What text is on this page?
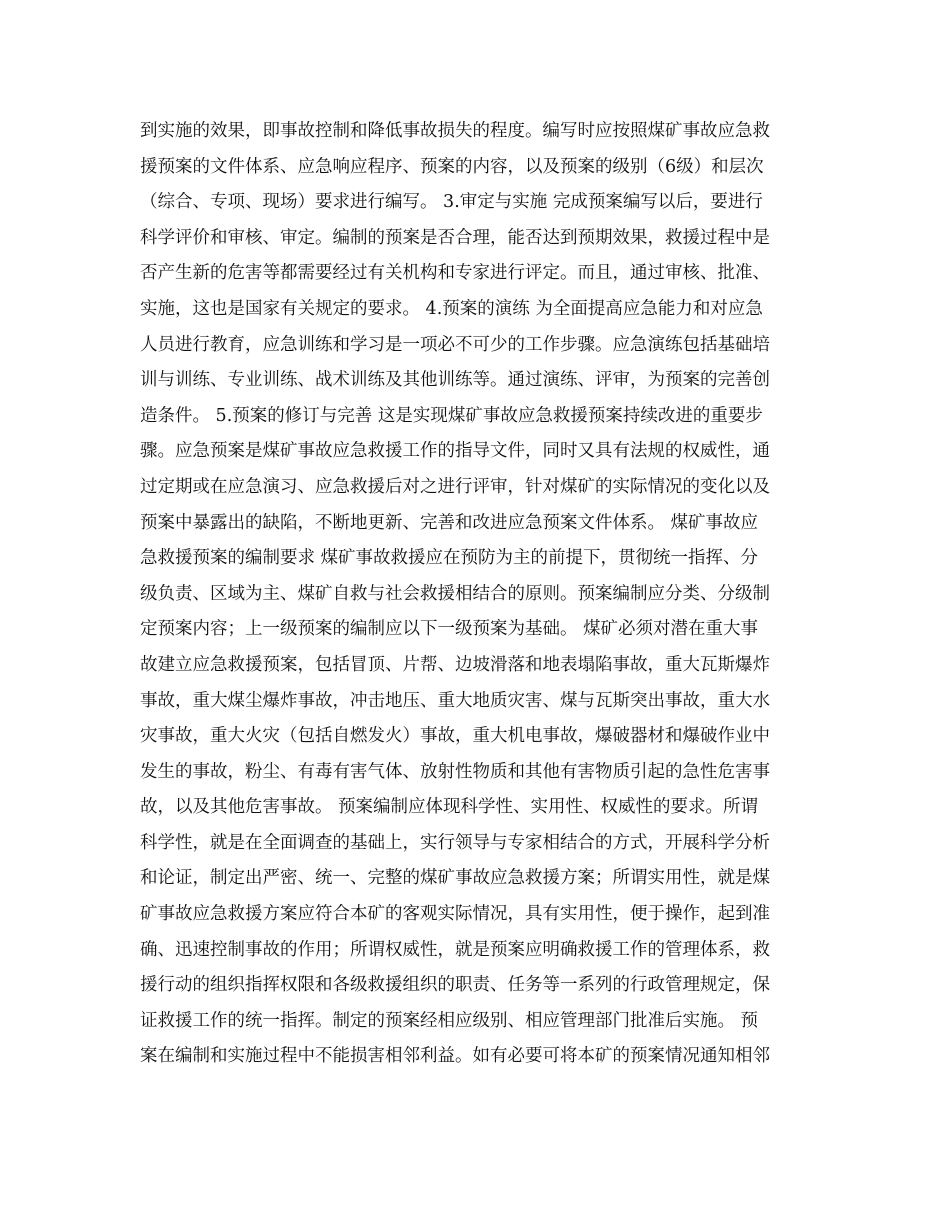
到实施的效果，即事故控制和降低事故损失的程度。编写时应按照煤矿事故应急救
援预案的文件体系、应急响应程序、预案的内容，以及预案的级别（6级）和层次
（综合、专项、现场）要求进行编写。 3.审定与实施 完成预案编写以后，要进行
科学评价和审核、审定。编制的预案是否合理，能否达到预期效果，救援过程中是
否产生新的危害等都需要经过有关机构和专家进行评定。而且，通过审核、批准、
实施，这也是国家有关规定的要求。 4.预案的演练 为全面提高应急能力和对应急
人员进行教育，应急训练和学习是一项必不可少的工作步骤。应急演练包括基础培
训与训练、专业训练、战术训练及其他训练等。通过演练、评审，为预案的完善创
造条件。 5.预案的修订与完善 这是实现煤矿事故应急救援预案持续改进的重要步
骤。应急预案是煤矿事故应急救援工作的指导文件，同时又具有法规的权威性，通
过定期或在应急演习、应急救援后对之进行评审，针对煤矿的实际情况的变化以及
预案中暴露出的缺陷，不断地更新、完善和改进应急预案文件体系。 煤矿事故应
急救援预案的编制要求 煤矿事故救援应在预防为主的前提下，贯彻统一指挥、分
级负责、区域为主、煤矿自救与社会救援相结合的原则。预案编制应分类、分级制
定预案内容；上一级预案的编制应以下一级预案为基础。 煤矿必须对潜在重大事
故建立应急救援预案，包括冒顶、片帮、边坡滑落和地表塌陷事故，重大瓦斯爆炸
事故，重大煤尘爆炸事故，冲击地压、重大地质灾害、煤与瓦斯突出事故，重大水
灾事故，重大火灾（包括自燃发火）事故，重大机电事故，爆破器材和爆破作业中
发生的事故，粉尘、有毒有害气体、放射性物质和其他有害物质引起的急性危害事
故，以及其他危害事故。 预案编制应体现科学性、实用性、权威性的要求。所谓
科学性，就是在全面调查的基础上，实行领导与专家相结合的方式，开展科学分析
和论证，制定出严密、统一、完整的煤矿事故应急救援方案；所谓实用性，就是煤
矿事故应急救援方案应符合本矿的客观实际情况，具有实用性，便于操作，起到准
确、迅速控制事故的作用；所谓权威性，就是预案应明确救援工作的管理体系，救
援行动的组织指挥权限和各级救援组织的职责、任务等一系列的行政管理规定，保
证救援工作的统一指挥。制定的预案经相应级别、相应管理部门批准后实施。 预
案在编制和实施过程中不能损害相邻利益。如有必要可将本矿的预案情况通知相邻
